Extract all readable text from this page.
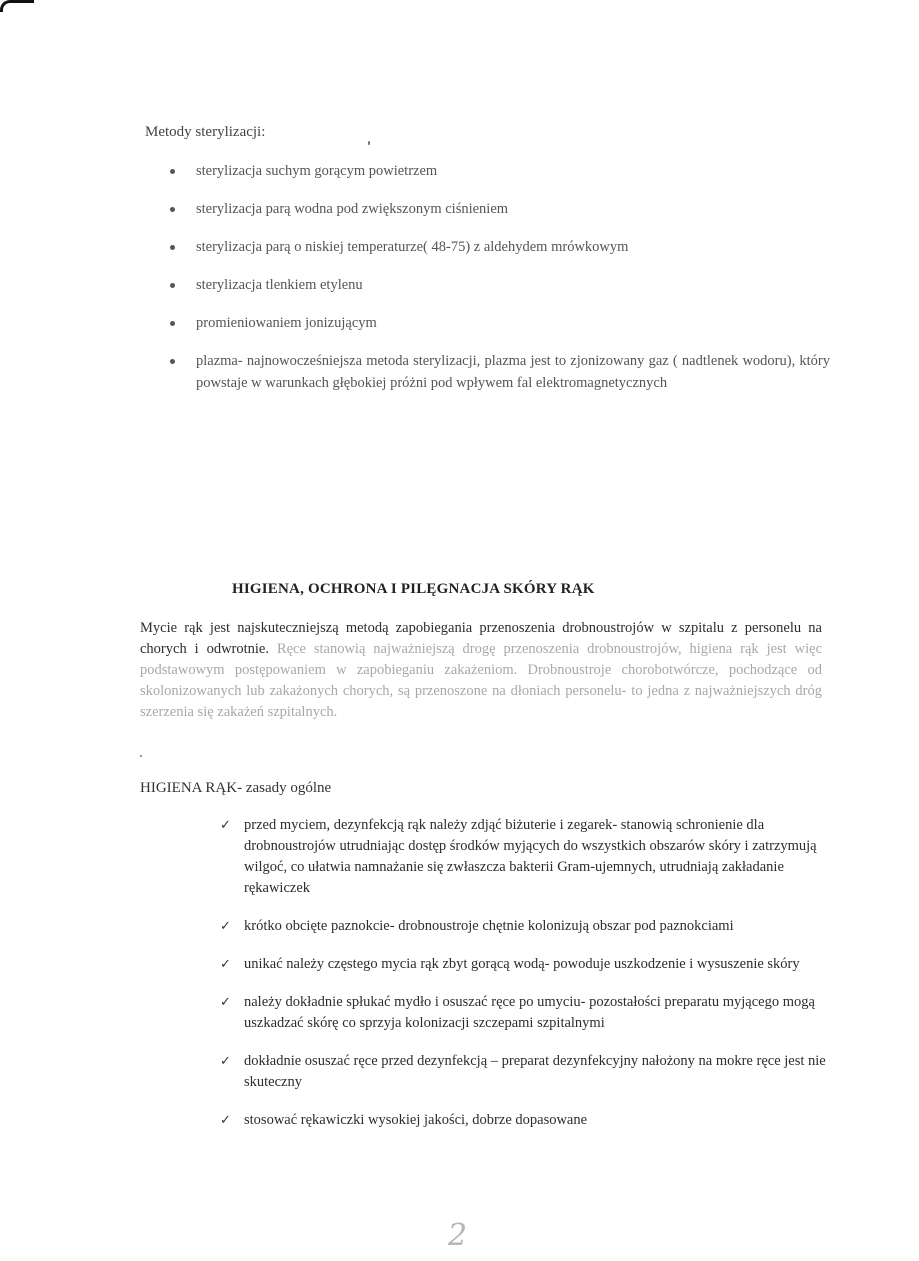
Metody sterylizacji:
sterylizacja suchym gorącym powietrzem
sterylizacja parą wodna pod zwiększonym ciśnieniem
sterylizacja parą o niskiej temperaturze( 48-75) z aldehydem mrówkowym
sterylizacja tlenkiem etylenu
promieniowaniem jonizującym
plazma- najnowocześniejsza metoda sterylizacji, plazma jest to zjonizowany gaz ( nadtlenek wodoru), który powstaje w warunkach głębokiej próżni pod wpływem fal elektromagnetycznych
HIGIENA, OCHRONA I PILĘGNACJA SKÓRY RĄK
Mycie rąk jest najskuteczniejszą metodą zapobiegania przenoszenia drobnoustrojów w szpitalu z personelu na chorych i odwrotnie. Ręce stanowią najważniejszą drogę przenoszenia drobnoustrojów, higiena rąk jest więc podstawowym postępowaniem w zapobieganiu zakażeniom. Drobnoustroje chorobotwórcze, pochodzące od skolonizowanych lub zakażonych chorych, są przenoszone na dłoniach personelu- to jedna z najważniejszych dróg szerzenia się zakażeń szpitalnych.
HIGIENA RĄK- zasady ogólne
✓ przed myciem, dezynfekcją rąk należy zdjąć biżuterie i zegarek- stanowią schronienie dla drobnoustrojów utrudniając dostęp środków myjących do wszystkich obszarów skóry i zatrzymują wilgoć, co ułatwia namnażanie się zwłaszcza bakterii Gram-ujemnych, utrudniają zakładanie rękawiczek
✓ krótko obcięte paznokcie- drobnoustroje chętnie kolonizują obszar pod paznokciami
✓ unikać należy częstego mycia rąk zbyt gorącą wodą- powoduje uszkodzenie i wysuszenie skóry
✓ należy dokładnie spłukać mydło i osuszać ręce po umyciu- pozostałości preparatu myjącego mogą uszkadzać skórę co sprzyja kolonizacji szczepami szpitalnymi
✓ dokładnie osuszać ręce przed dezynfekcją – preparat dezynfekcyjny nałożony na mokre ręce jest nie skuteczny
✓ stosować rękawiczki wysokiej jakości, dobrze dopasowane
2
